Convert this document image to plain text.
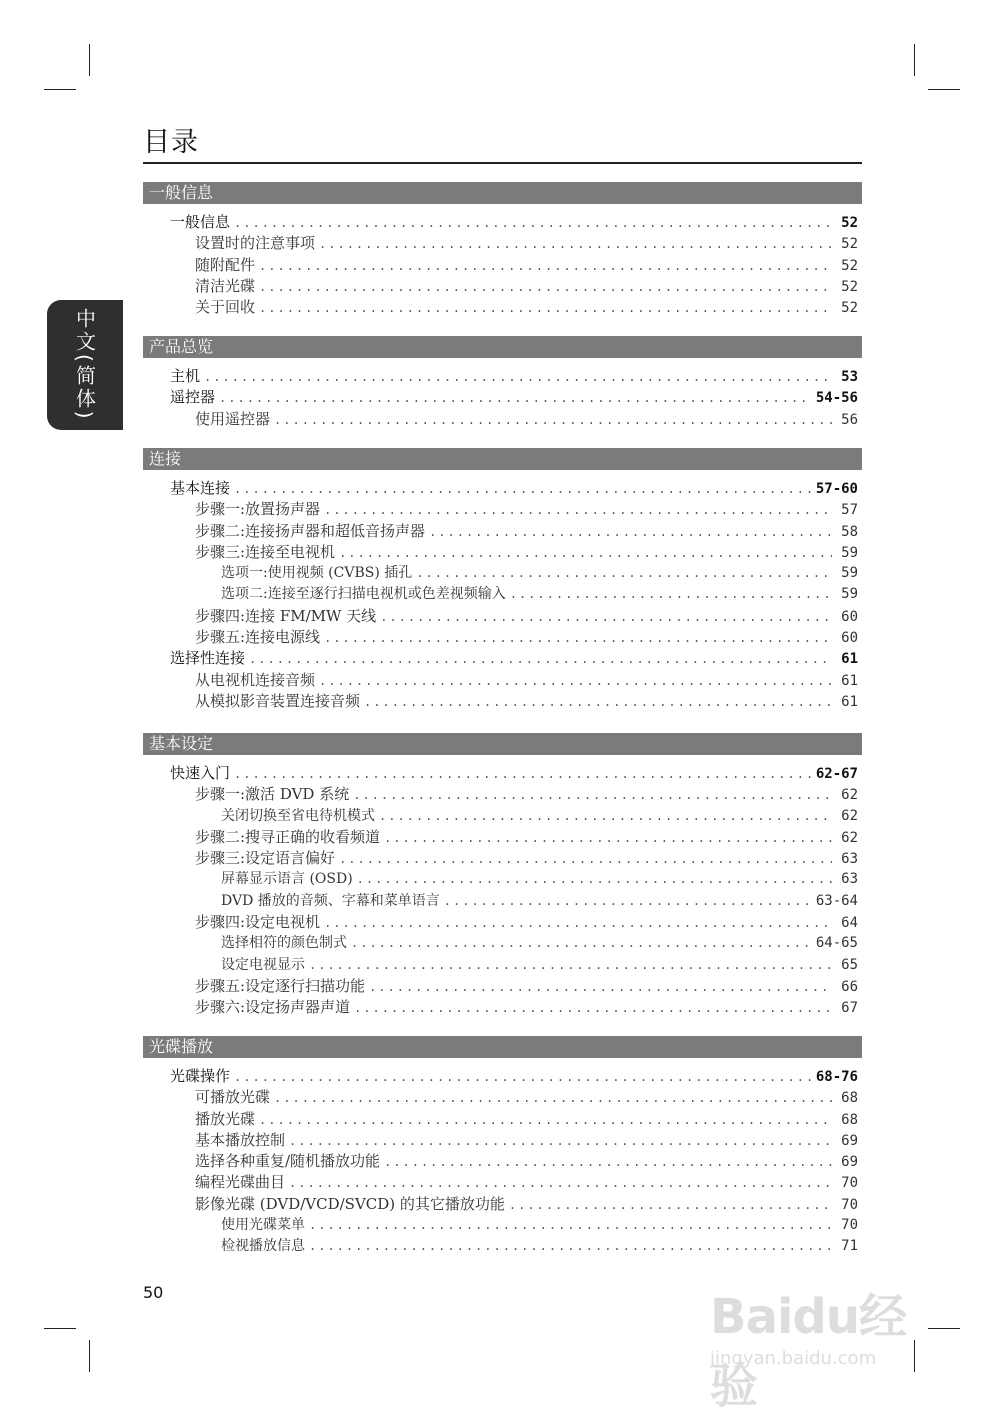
目录
中文(简体)
一般信息
一般信息 .....	52
设置时的注意事项 .....	52
随附配件 .....	52
清洁光碟 .....	52
关于回收 .....	52
产品总览
主机 .....	53
遥控器 .....	54-56
使用遥控器 .....	56
连接
基本连接 .....	57-60
步骤一:放置扬声器 .....	57
步骤二:连接扬声器和超低音扬声器 .....	58
步骤三:连接至电视机 .....	59
选项一:使用视频 (CVBS) 插孔 .....	59
选项二:连接至逐行扫描电视机或色差视频输入 .....	59
步骤四:连接 FM/MW 天线 .....	60
步骤五:连接电源线 .....	60
选择性连接 .....	61
从电视机连接音频 .....	61
从模拟影音装置连接音频 .....	61
基本设定
快速入门 .....	62-67
步骤一:激活 DVD 系统 .....	62
关闭切换至省电待机模式 .....	62
步骤二:搜寻正确的收看频道 .....	62
步骤三:设定语言偏好 .....	63
屏幕显示语言 (OSD) .....	63
DVD 播放的音频、字幕和菜单语言 .....	63-64
步骤四:设定电视机 .....	64
选择相符的颜色制式 .....	64-65
设定电视显示 .....	65
步骤五:设定逐行扫描功能 .....	66
步骤六:设定扬声器声道 .....	67
光碟播放
光碟操作 .....	68-76
可播放光碟 .....	68
播放光碟 .....	68
基本播放控制 .....	69
选择各种重复/随机播放功能 .....	69
编程光碟曲目 .....	70
影像光碟 (DVD/VCD/SVCD) 的其它播放功能 .....	70
使用光碟菜单 .....	70
检视播放信息 .....	71
50	Baidu经验
jingyan.baidu.com
